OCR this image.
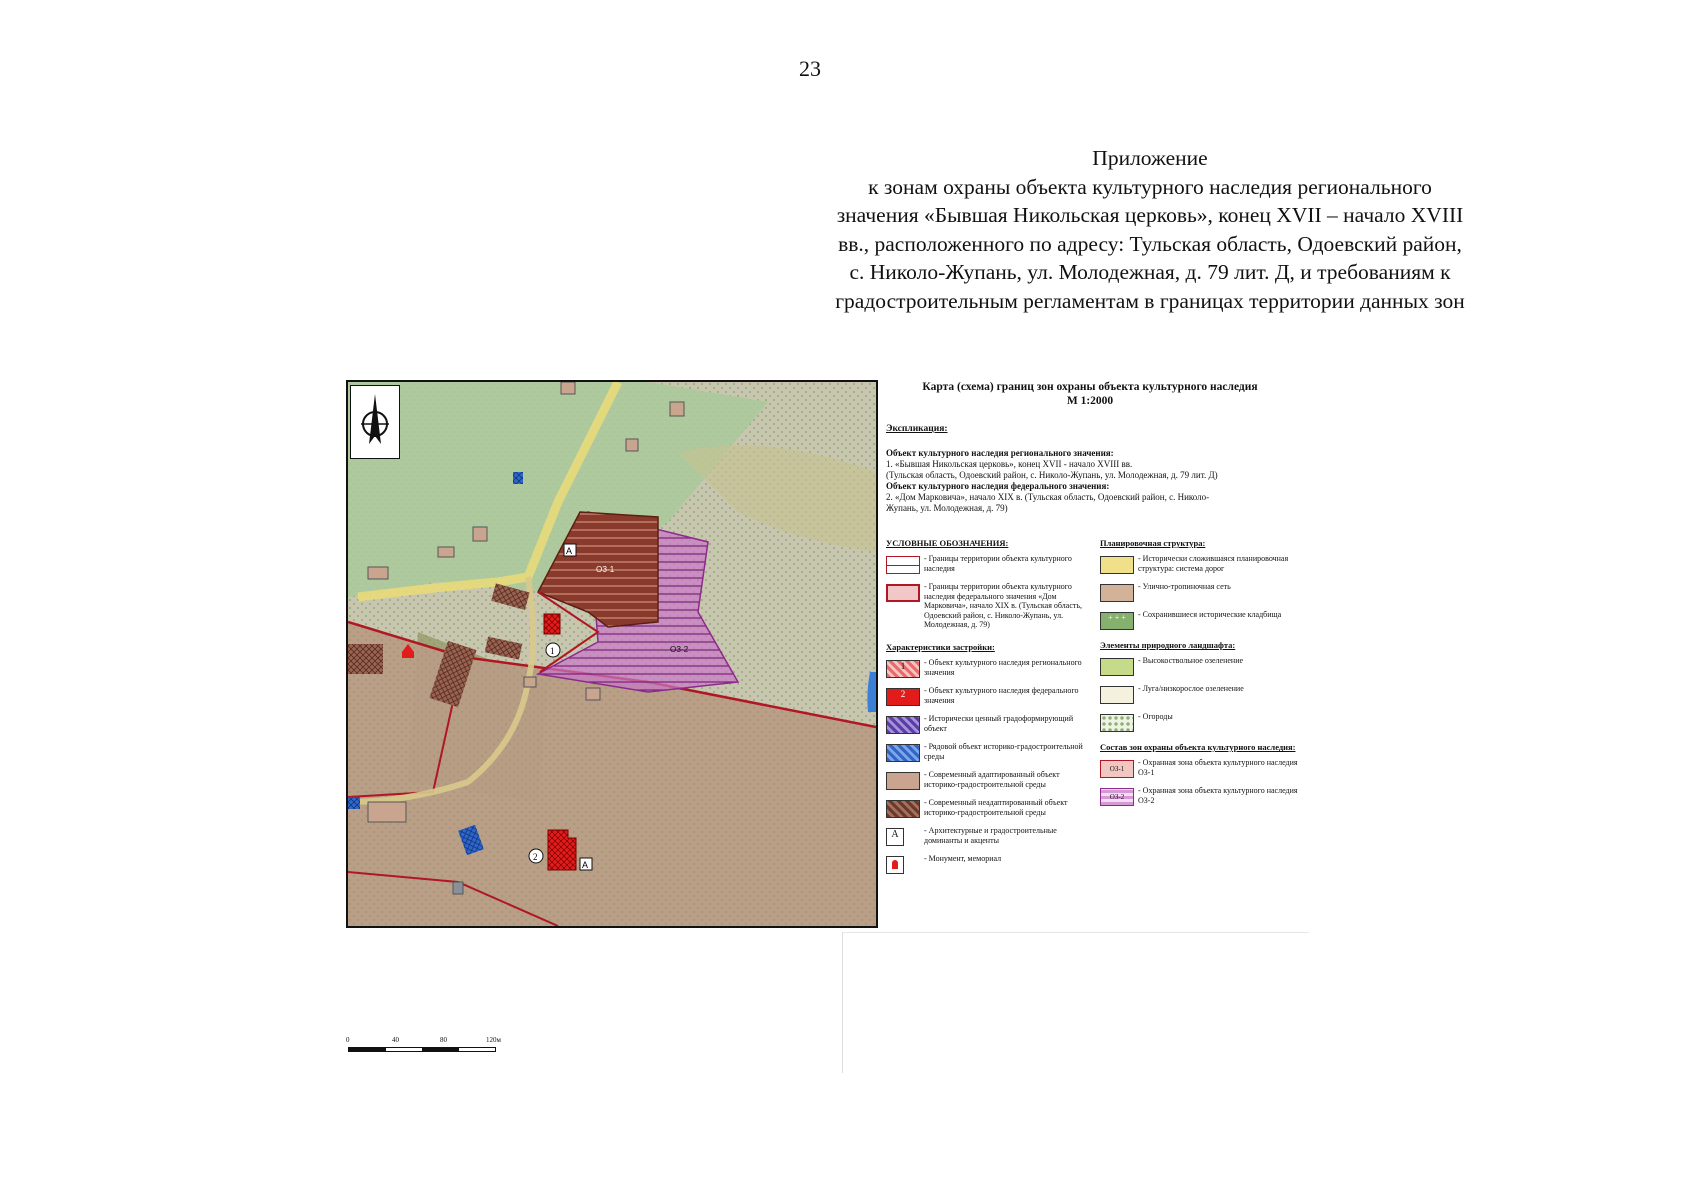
23
Приложение
к зонам охраны объекта культурного наследия регионального
значения «Бывшая Никольская церковь», конец XVII – начало XVIII
вв., расположенного по адресу: Тульская область, Одоевский район,
с. Николо-Жупань, ул. Молодежная, д. 79 лит. Д, и требованиям к
градостроительным регламентам в границах территории данных зон
ОЗ-1
ОЗ-2
1
2
А
А
0	40	80	120м
Карта (схема) границ зон охраны объекта культурного наследия
М 1:2000
Экспликация:
Объект культурного наследия регионального значения:
1. «Бывшая Никольская церковь», конец XVII - начало XVIII вв.
(Тульская область, Одоевский район, с. Николо-Жупань, ул. Молодежная, д. 79 лит. Д)
Объект культурного наследия федерального значения:
2. «Дом Марковича», начало XIX в. (Тульская область, Одоевский район, с. Николо-
Жупань, ул. Молодежная, д. 79)
УСЛОВНЫЕ ОБОЗНАЧЕНИЯ:
- Границы территории объекта культурного наследия
- Границы территории объекта культурного наследия федерального значения «Дом Марковича», начало XIX в. (Тульская область, Одоевский район, с. Николо-Жупань, ул. Молодежная, д. 79)
Характеристики застройки:
1	- Объект культурного наследия регионального значения
2	- Объект культурного наследия федерального значения
- Исторически ценный градоформирующий объект
- Рядовой объект историко-градостроительной среды
- Современный адаптированный объект историко-градостроительной среды
- Современный неадаптированный объект историко-градостроительной среды
А	- Архитектурные и градостроительные доминанты и акценты
- Монумент, мемориал
Планировочная структура:
- Исторически сложившаяся планировочная структура: система дорог
- Улично-тропиночная сеть
+ + +	- Сохранившиеся исторические кладбища
Элементы природного ландшафта:
- Высокоствольное озеленение
- Луга/низкорослое озеленение
- Огороды
Состав зон охраны объекта культурного наследия:
ОЗ-1
- Охранная зона объекта культурного наследия ОЗ-1
ОЗ-2
- Охранная зона объекта культурного наследия ОЗ-2
